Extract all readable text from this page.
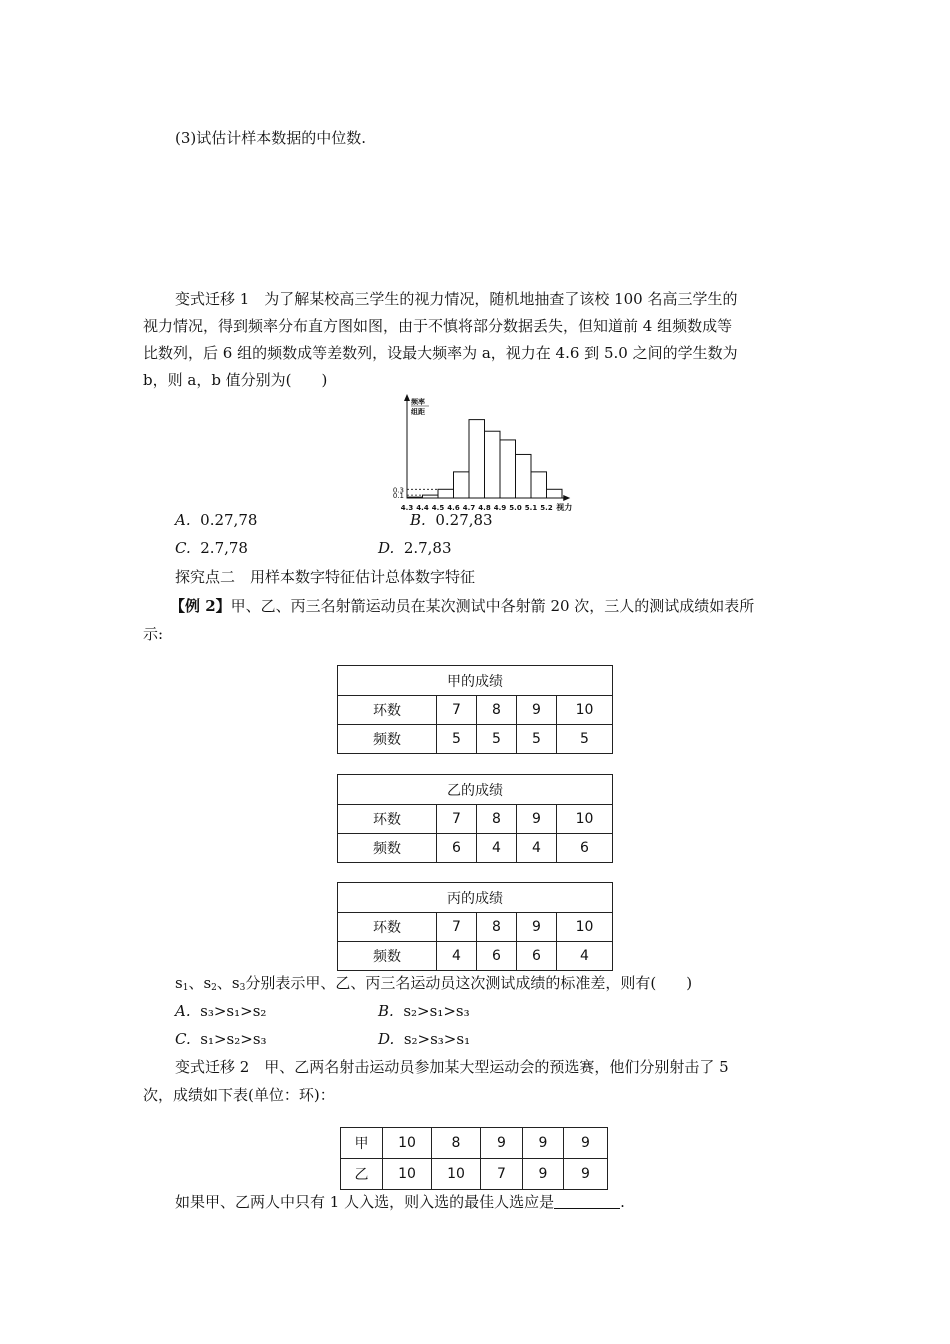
(3)试估计样本数据的中位数.
变式迁移 1　为了解某校高三学生的视力情况，随机地抽查了该校 100 名高三学生的
视力情况，得到频率分布直方图如图，由于不慎将部分数据丢失，但知道前 4 组频数成等
比数列，后 6 组的频数成等差数列，设最大频率为 a，视力在 4.6 到 5.0 之间的学生数为
b，则 a，b 值分别为(　　)
0.1
0.3
4.3 4.4 4.5 4.6 4.7 4.8 4.9 5.0 5.1 5.2 视力
频率
组距
A. 0.27,78	B. 0.27,83
C. 2.7,78	D. 2.7,83
探究点二　用样本数字特征估计总体数字特征
【例 2】甲、乙、丙三名射箭运动员在某次测试中各射箭 20 次，三人的测试成绩如表所
示:
甲的成绩				
环数	7	8	9	10
频数	5	5	5	5
乙的成绩				
环数	7	8	9	10
频数	6	4	4	6
丙的成绩				
环数	7	8	9	10
频数	4	6	6	4
$s_1$、$s_2$、$s_3$分别表示甲、乙、丙三名运动员这次测试成绩的标准差，则有(　　)
A. s₃>s₁>s₂	B. s₂>s₁>s₃
C. s₁>s₂>s₃	D. s₂>s₃>s₁
变式迁移 2　甲、乙两名射击运动员参加某大型运动会的预选赛，他们分别射击了 5
次，成绩如下表(单位：环)：
甲	10	8	9	9	9
乙	10	10	7	9	9
如果甲、乙两人中只有 1 人入选，则入选的最佳人选应是	.
